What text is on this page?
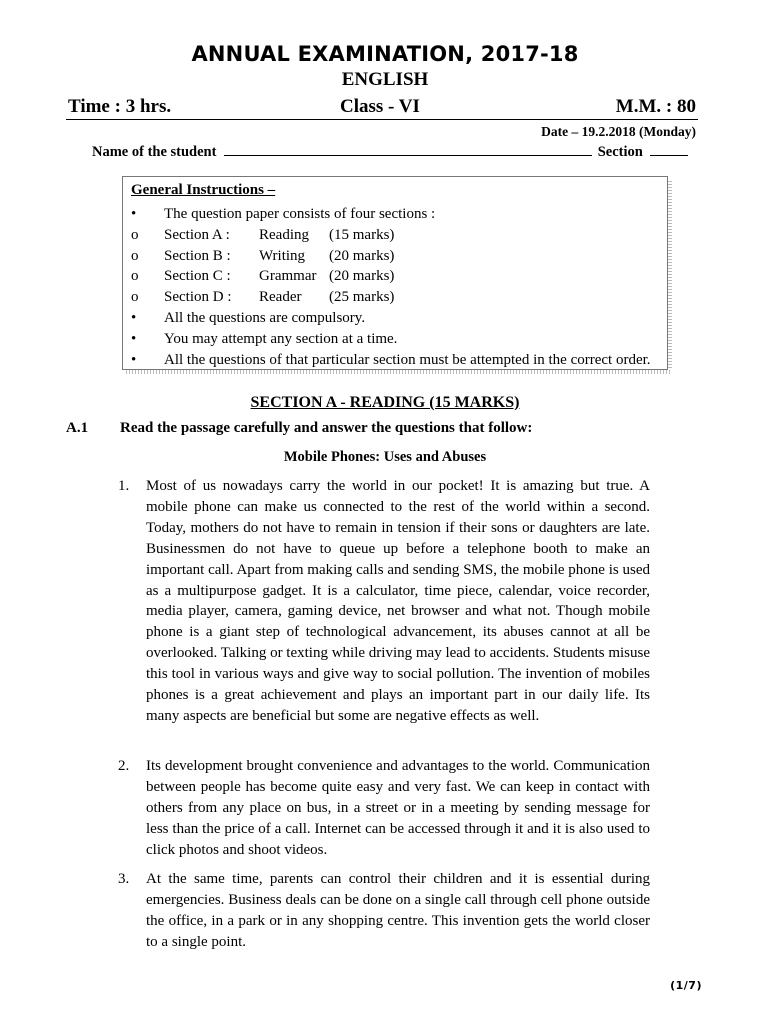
ANNUAL EXAMINATION, 2017-18
ENGLISH
Time : 3 hrs.	Class - VI	M.M. : 80
Date – 19.2.2018 (Monday)
Name of the student	Section
General Instructions –
• The question paper consists of four sections :
o Section A : Reading (15 marks)
o Section B : Writing (20 marks)
o Section C : Grammar (20 marks)
o Section D : Reader (25 marks)
• All the questions are compulsory.
• You may attempt any section at a time.
• All the questions of that particular section must be attempted in the correct order.
SECTION A - READING (15 MARKS)
A.1 Read the passage carefully and answer the questions that follow:
Mobile Phones: Uses and Abuses
1. Most of us nowadays carry the world in our pocket! It is amazing but true. A mobile phone can make us connected to the rest of the world within a second. Today, mothers do not have to remain in tension if their sons or daughters are late. Businessmen do not have to queue up before a telephone booth to make an important call. Apart from making calls and sending SMS, the mobile phone is used as a multipurpose gadget. It is a calculator, time piece, calendar, voice recorder, media player, camera, gaming device, net browser and what not. Though mobile phone is a giant step of technological advancement, its abuses cannot at all be overlooked. Talking or texting while driving may lead to accidents. Students misuse this tool in various ways and give way to social pollution. The invention of mobiles phones is a great achievement and plays an important part in our daily life. Its many aspects are beneficial but some are negative effects as well.
2. Its development brought convenience and advantages to the world. Communication between people has become quite easy and very fast. We can keep in contact with others from any place on bus, in a street or in a meeting by sending message for less than the price of a call. Internet can be accessed through it and it is also used to click photos and shoot videos.
3. At the same time, parents can control their children and it is essential during emergencies. Business deals can be done on a single call through cell phone outside the office, in a park or in any shopping centre. This invention gets the world closer to a single point.
(1/7)
